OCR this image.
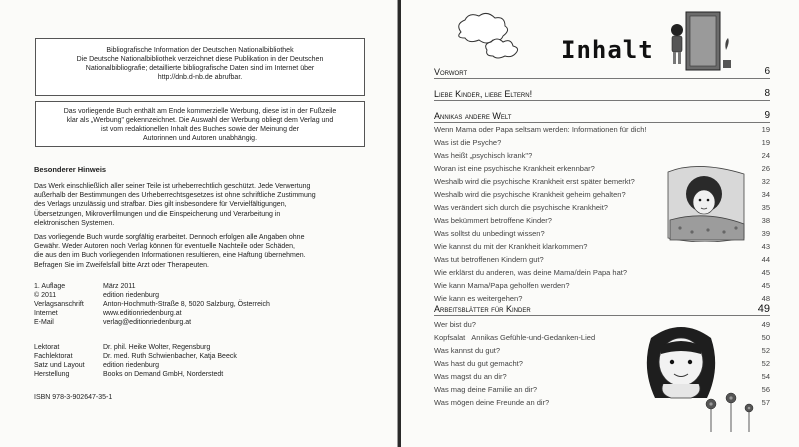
Bibliografische Information der Deutschen Nationalbibliothek

Die Deutsche Nationalbibliothek verzeichnet diese Publikation in der Deutschen

Nationalbibliografie; detaillierte bibliografische Daten sind im Internet über

http://dnb.d-nb.de abrufbar.

Das vorliegende Buch enthält am Ende kommerzielle Werbung, diese ist in der Fußzeile

klar als „Werbung" gekennzeichnet. Die Auswahl der Werbung obliegt dem Verlag und

ist vom redaktionellen Inhalt des Buches sowie der Meinung der

Autorinnen und Autoren unabhängig.

Besonderer Hinweis
Das Werk einschließlich aller seiner Teile ist urheberrechtlich geschützt. Jede Verwertung
außerhalb der Bestimmungen des Urheberrechtsgesetzes ist ohne schriftliche Zustimmung
des Verlags unzulässig und strafbar. Dies gilt insbesondere für Vervielfältigungen,
Übersetzungen, Mikroverfilmungen und die Einspeicherung und Verarbeitung in
elektronischen Systemen.
Das vorliegende Buch wurde sorgfältig erarbeitet. Dennoch erfolgen alle Angaben ohne
Gewähr. Weder Autoren noch Verlag können für eventuelle Nachteile oder Schäden,
die aus den im Buch vorliegenden Informationen resultieren, eine Haftung übernehmen.
Befragen Sie im Zweifelsfall bitte Arzt oder Therapeuten.
1. Auflage	März 2011
© 2011	edition riedenburg
Verlagsanschrift	Anton-Hochmuth-Straße 8, 5020 Salzburg, Österreich
Internet	www.editionriedenburg.at
E-Mail	verlag@editionriedenburg.at
Lektorat	Dr. phil. Heike Wolter, Regensburg
Fachlektorat	Dr. med. Ruth Schwienbacher, Katja Beeck
Satz und Layout	edition riedenburg
Herstellung	Books on Demand GmbH, Norderstedt
ISBN 978-3-902647-35-1
Inhalt
Vorwort	6
Liebe Kinder, liebe Eltern!	8
Annikas andere Welt	9
Wenn Mama oder Papa seltsam werden: Informationen für dich!	19
Was ist die Psyche?	19
Was heißt „psychisch krank"?	24
Woran ist eine psychische Krankheit erkennbar?	26
Weshalb wird die psychische Krankheit erst später bemerkt?	32
Weshalb wird die psychische Krankheit geheim gehalten?	34
Was verändert sich durch die psychische Krankheit?	35
Was bekümmert betroffene Kinder?	38
Was solltst du unbedingt wissen?	39
Wie kannst du mit der Krankheit klarkommen?	43
Was tut betroffenen Kindern gut?	44
Wie erklärst du anderen, was deine Mama/dein Papa hat?	45
Wie kann Mama/Papa geholfen werden?	45
Wie kann es weitergehen?	48
Arbeitsblätter für Kinder	49
Wer bist du?	49
Kopfsalat Annikas Gefühle-und-Gedanken-Lied	50
Was kannst du gut?	52
Was hast du gut gemacht?	52
Was magst du an dir?	54
Was mag deine Familie an dir?	56
Was mögen deine Freunde an dir?	57
